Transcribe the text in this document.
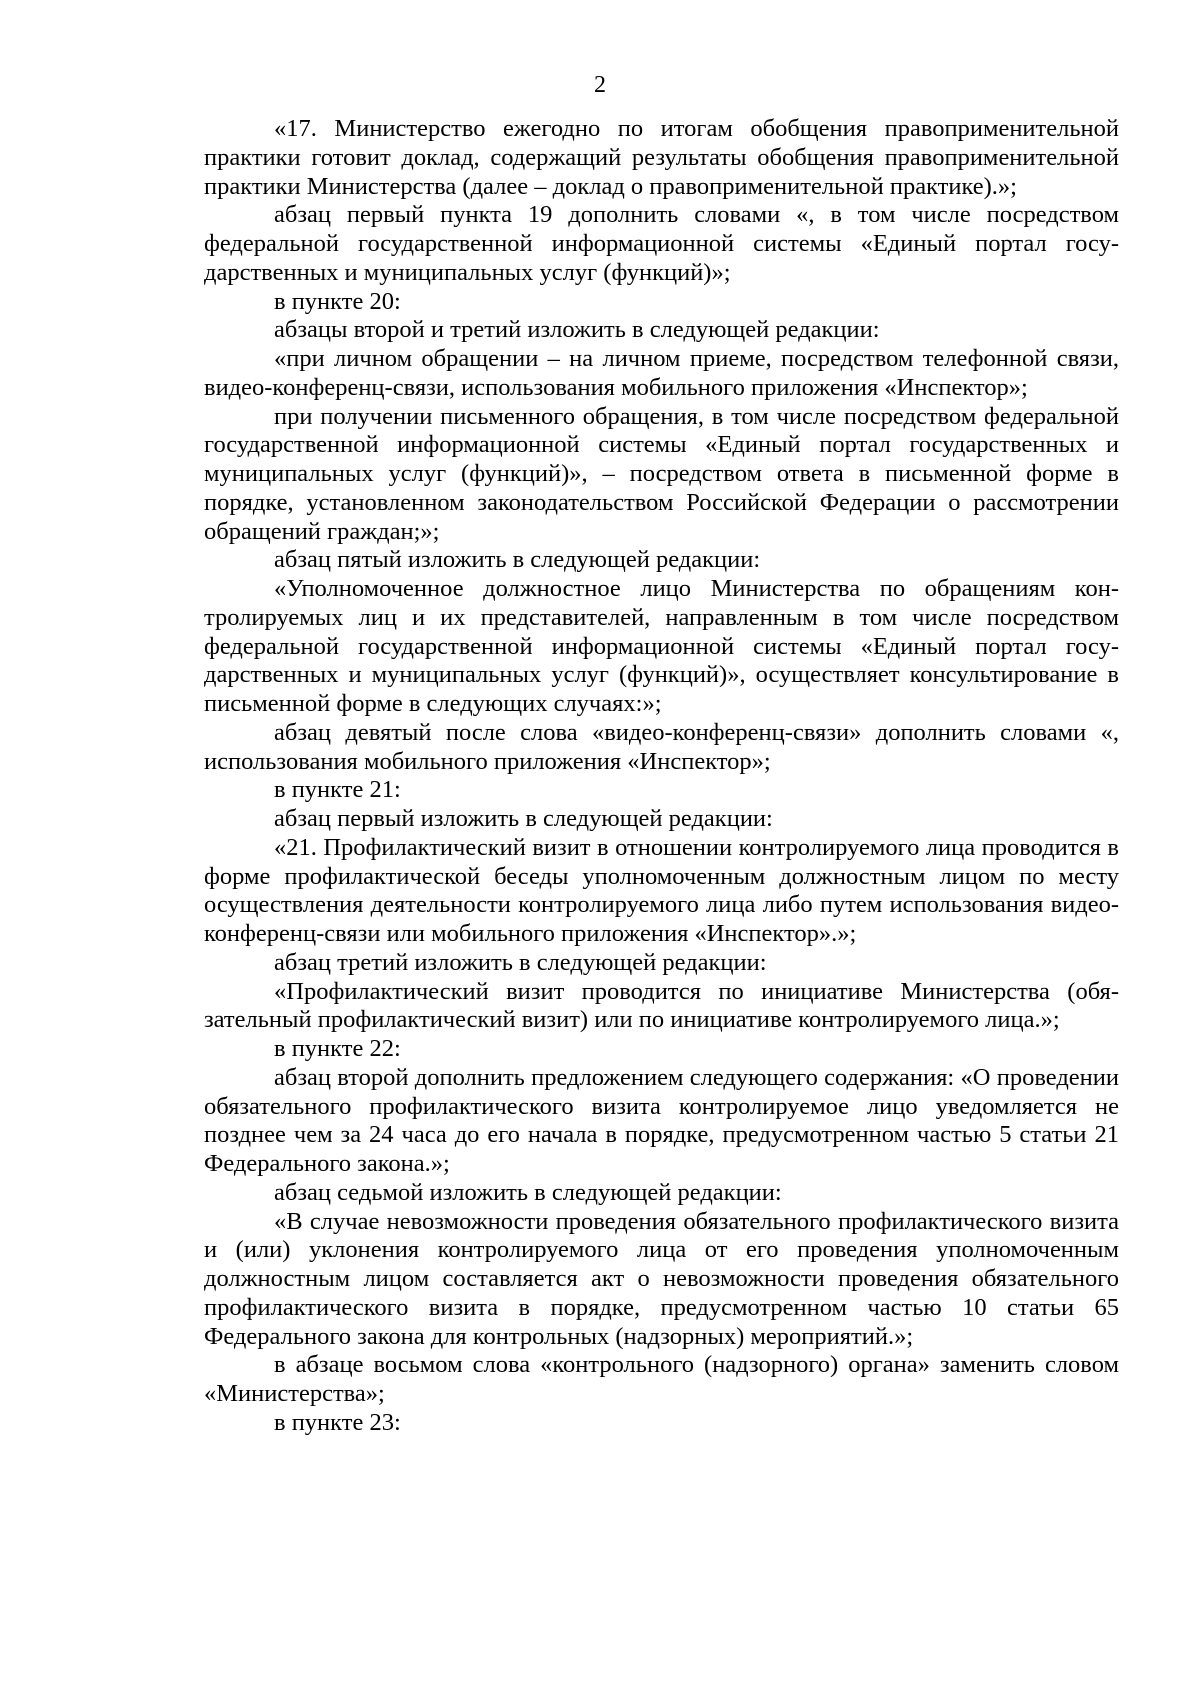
2

«17. Министерство ежегодно по итогам обобщения правоприменительной практики готовит доклад, содержащий результаты обобщения правоприменительной практики Министерства (далее – доклад о правоприменительной практике).»;

абзац первый пункта 19 дополнить словами «, в том числе посредством федеральной государственной информационной системы «Единый портал государственных и муниципальных услуг (функций)»;

в пункте 20:

абзацы второй и третий изложить в следующей редакции:

«при личном обращении – на личном приеме, посредством телефонной связи, видео-конференц-связи, использования мобильного приложения «Инспектор»;

при получении письменного обращения, в том числе посредством федеральной государственной информационной системы «Единый портал государственных и муниципальных услуг (функций)», – посредством ответа в письменной форме в порядке, установленном законодательством Российской Федерации о рассмотрении обращений граждан;»;

абзац пятый изложить в следующей редакции:

«Уполномоченное должностное лицо Министерства по обращениям контролируемых лиц и их представителей, направленным в том числе посредством федеральной государственной информационной системы «Единый портал государственных и муниципальных услуг (функций)», осуществляет консультирование в письменной форме в следующих случаях:»;

абзац девятый после слова «видео-конференц-связи» дополнить словами «, использования мобильного приложения «Инспектор»;

в пункте 21:

абзац первый изложить в следующей редакции:

«21. Профилактический визит в отношении контролируемого лица проводится в форме профилактической беседы уполномоченным должностным лицом по месту осуществления деятельности контролируемого лица либо путем использования видео-конференц-связи или мобильного приложения «Инспектор».»;

абзац третий изложить в следующей редакции:

«Профилактический визит проводится по инициативе Министерства (обязательный профилактический визит) или по инициативе контролируемого лица.»;

в пункте 22:

абзац второй дополнить предложением следующего содержания: «О проведении обязательного профилактического визита контролируемое лицо уведомляется не позднее чем за 24 часа до его начала в порядке, предусмотренном частью 5 статьи 21 Федерального закона.»;

абзац седьмой изложить в следующей редакции:

«В случае невозможности проведения обязательного профилактического визита и (или) уклонения контролируемого лица от его проведения уполномоченным должностным лицом составляется акт о невозможности проведения обязательного профилактического визита в порядке, предусмотренном частью 10 статьи 65 Федерального закона для контрольных (надзорных) мероприятий.»;

в абзаце восьмом слова «контрольного (надзорного) органа» заменить словом «Министерства»;

в пункте 23:
